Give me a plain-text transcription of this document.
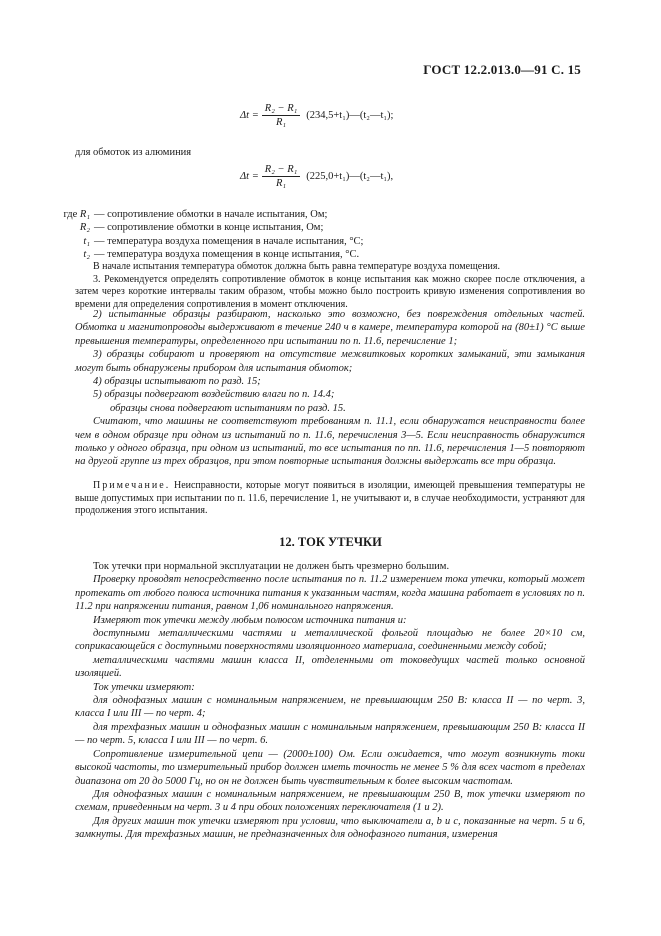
ГОСТ 12.2.013.0—91 С. 15
$\Delta t = \frac{\text{R₂ − R₁}}{\text{R₁}}$ (234,5+t₁)—(t₂—t₁);
для обмоток из алюминия
$\Delta t = \frac{\text{R₂ − R₁}}{\text{R₁}}$ (225,0+t₁)—(t₂—t₁),
где R₁ — сопротивление обмотки в начале испытания, Ом;
R₂ — сопротивление обмотки в конце испытания, Ом;
t₁ — температура воздуха помещения в начале испытания, °С;
t₂ — температура воздуха помещения в конце испытания, °С.

В начале испытания температура обмоток должна быть равна температуре воздуха помещения.

3. Рекомендуется определять сопротивление обмоток в конце испытания как можно скорее после отключения, а затем через короткие интервалы таким образом, чтобы можно было построить кривую изменения сопротивления во времени для определения сопротивления в момент отключения.

2) испытанные образцы разбирают, насколько это возможно, без повреждения отдельных частей. Обмотка и магнитопроводы выдерживают в течение 240 ч в камере, температура которой на (80±1) °С выше превышения температуры, определенного при испытании по п. 11.6, перечисление 1;

3) образцы собирают и проверяют на отсутствие межвитковых коротких замыканий, эти замыкания могут быть обнаружены прибором для испытания обмоток;

4) образцы испытывают по разд. 15;

5) образцы подвергают воздействию влаги по п. 14.4;

образцы снова подвергают испытаниям по разд. 15.

Считают, что машины не соответствуют требованиям п. 11.1, если обнаружатся неисправности более чем в одном образце при одном из испытаний по п. 11.6, перечисления 3—5. Если неисправность обнаружится только у одного образца, при одном из испытаний, то все испытания по пп. 11.6, перечисления 1—5 повторяют на другой группе из трех образцов, при этом повторные испытания должны выдержать все три образца.

Примечание. Неисправности, которые могут появиться в изоляции, имеющей превышения температуры не выше допустимых при испытании по п. 11.6, перечисление 1, не учитывают и, в случае необходимости, устраняют для продолжения этого испытания.

12. ТОК УТЕЧКИ

Ток утечки при нормальной эксплуатации не должен быть чрезмерно большим.

Проверку проводят непосредственно после испытания по п. 11.2 измерением тока утечки, который может протекать от любого полюса источника питания к указанным частям, когда машина работает в условиях по п. 11.2 при напряжении питания, равном 1,06 номинального напряжения.

Измеряют ток утечки между любым полюсом источника питания и:

доступными металлическими частями и металлической фольгой площадью не более 20×10 см, соприкасающейся с доступными поверхностями изоляционного материала, соединенными между собой;

металлическими частями машин класса II, отделенными от токоведущих частей только основной изоляцией.

Ток утечки измеряют:

для однофазных машин с номинальным напряжением, не превышающим 250 В: класса II — по черт. 3, класса I или III — по черт. 4;

для трехфазных машин и однофазных машин с номинальным напряжением, превышающим 250 В: класса II — по черт. 5, класса I или III — по черт. 6.

Сопротивление измерительной цепи — (2000±100) Ом. Если ожидается, что могут возникнуть токи высокой частоты, то измерительный прибор должен иметь точность не менее 5 % для всех частот в пределах диапазона от 20 до 5000 Гц, но он не должен быть чувствительным к более высоким частотам.

Для однофазных машин с номинальным напряжением, не превышающим 250 В, ток утечки измеряют по схемам, приведенным на черт. 3 и 4 при обоих положениях переключателя (1 и 2).

Для других машин ток утечки измеряют при условии, что выключатели a, b и c, показанные на черт. 5 и 6, замкнуты. Для трехфазных машин, не предназначенных для однофазного питания, измерения
